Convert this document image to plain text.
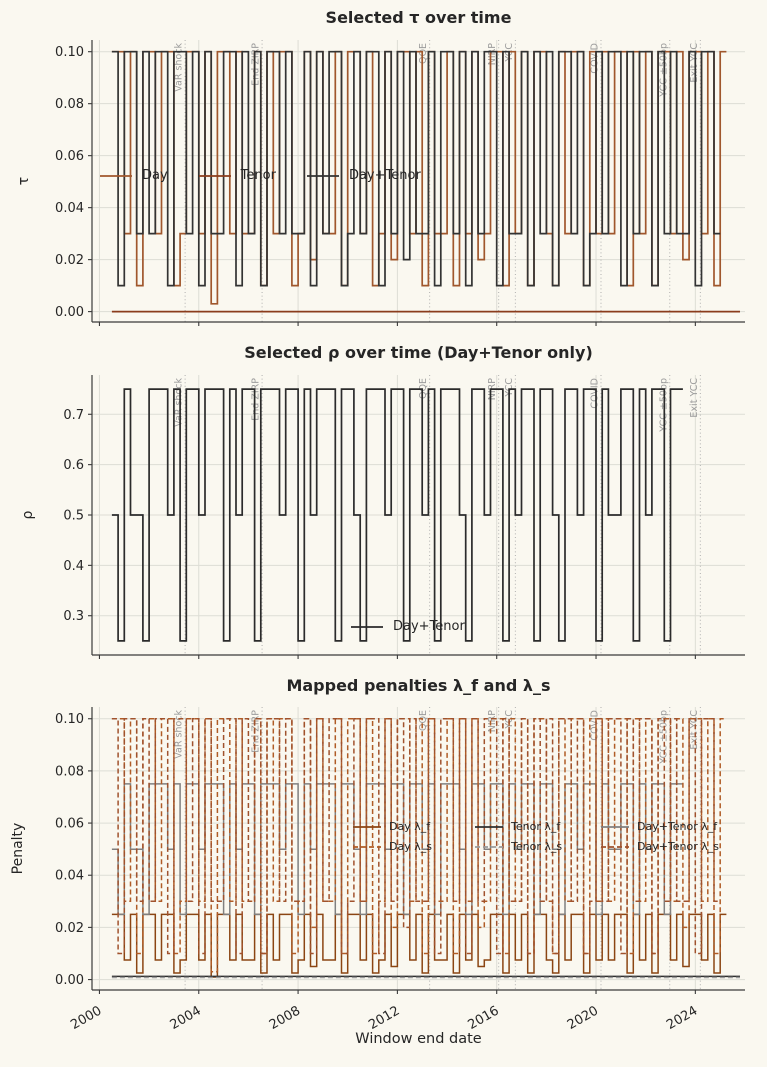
Selected τ over time
VaR shock	End ZIRP	QQE	NIRP YCC	COVID	YCC ±50bp Exit YCC
0.00
0.02
0.04
0.06
0.08
0.10
τ	Day	Tenor	Day+Tenor
Selected ρ over time (Day+Tenor only)
VaR shock	End ZIRP	QQE	NIRP YCC	COVID	YCC ±50bp Exit YCC
0.3
0.4
0.5
0.6
0.7
ρ
Day+Tenor
Mapped penalties λ_f and λ_s
VaR shock	End ZIRP	QQE	NIRP YCC	COVID	YCC ±50bp Exit YCC
0.00
0.02
0.04
0.06
0.08
0.10
2000	2004	2008	2012	2016	2020	2024
Penalty	Day λ_f	Tenor λ_f	Day+Tenor λ_f
Day λ_s	Tenor λ_s	Day+Tenor λ_s
Window end date
